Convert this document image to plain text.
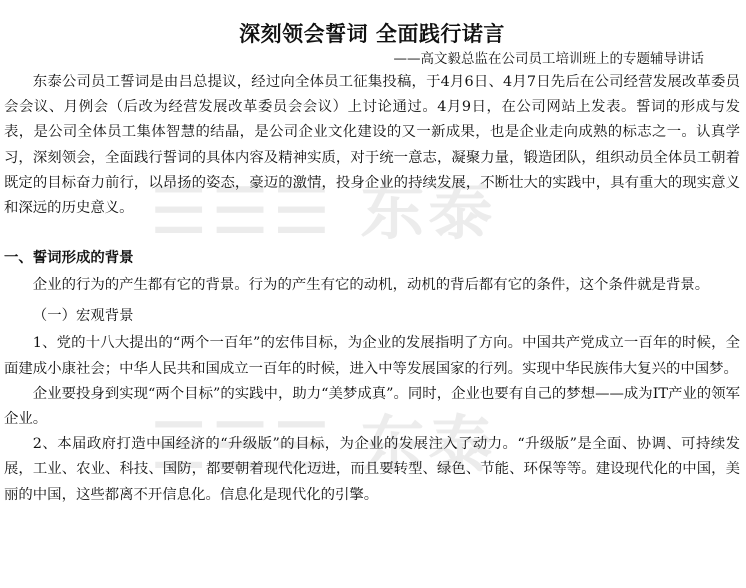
☰☰☰ 东泰
☰☰☰ 东泰
深刻领会誓词 全面践行诺言
——高文毅总监在公司员工培训班上的专题辅导讲话

东泰公司员工誓词是由吕总提议，经过向全体员工征集投稿，于4月6日、4月7日先后在公司经营发展改革委员会会议、月例会（后改为经营发展改革委员会会议）上讨论通过。4月9日，在公司网站上发表。誓词的形成与发表，是公司全体员工集体智慧的结晶，是公司企业文化建设的又一新成果，也是企业走向成熟的标志之一。认真学习，深刻领会，全面践行誓词的具体内容及精神实质，对于统一意志，凝聚力量，锻造团队，组织动员全体员工朝着既定的目标奋力前行，以昂扬的姿态，豪迈的激情，投身企业的持续发展，不断壮大的实践中，具有重大的现实意义和深远的历史意义。

一、誓词形成的背景

企业的行为的产生都有它的背景。行为的产生有它的动机，动机的背后都有它的条件，这个条件就是背景。

（一）宏观背景

1、党的十八大提出的“两个一百年”的宏伟目标，为企业的发展指明了方向。中国共产党成立一百年的时候，全面建成小康社会；中华人民共和国成立一百年的时候，进入中等发展国家的行列。实现中华民族伟大复兴的中国梦。

企业要投身到实现“两个目标”的实践中，助力“美梦成真”。同时，企业也要有自己的梦想——成为IT产业的领军企业。

2、本届政府打造中国经济的“升级版”的目标，为企业的发展注入了动力。“升级版”是全面、协调、可持续发展，工业、农业、科技、国防，都要朝着现代化迈进，而且要转型、绿色、节能、环保等等。建设现代化的中国，美丽的中国，这些都离不开信息化。信息化是现代化的引擎。
